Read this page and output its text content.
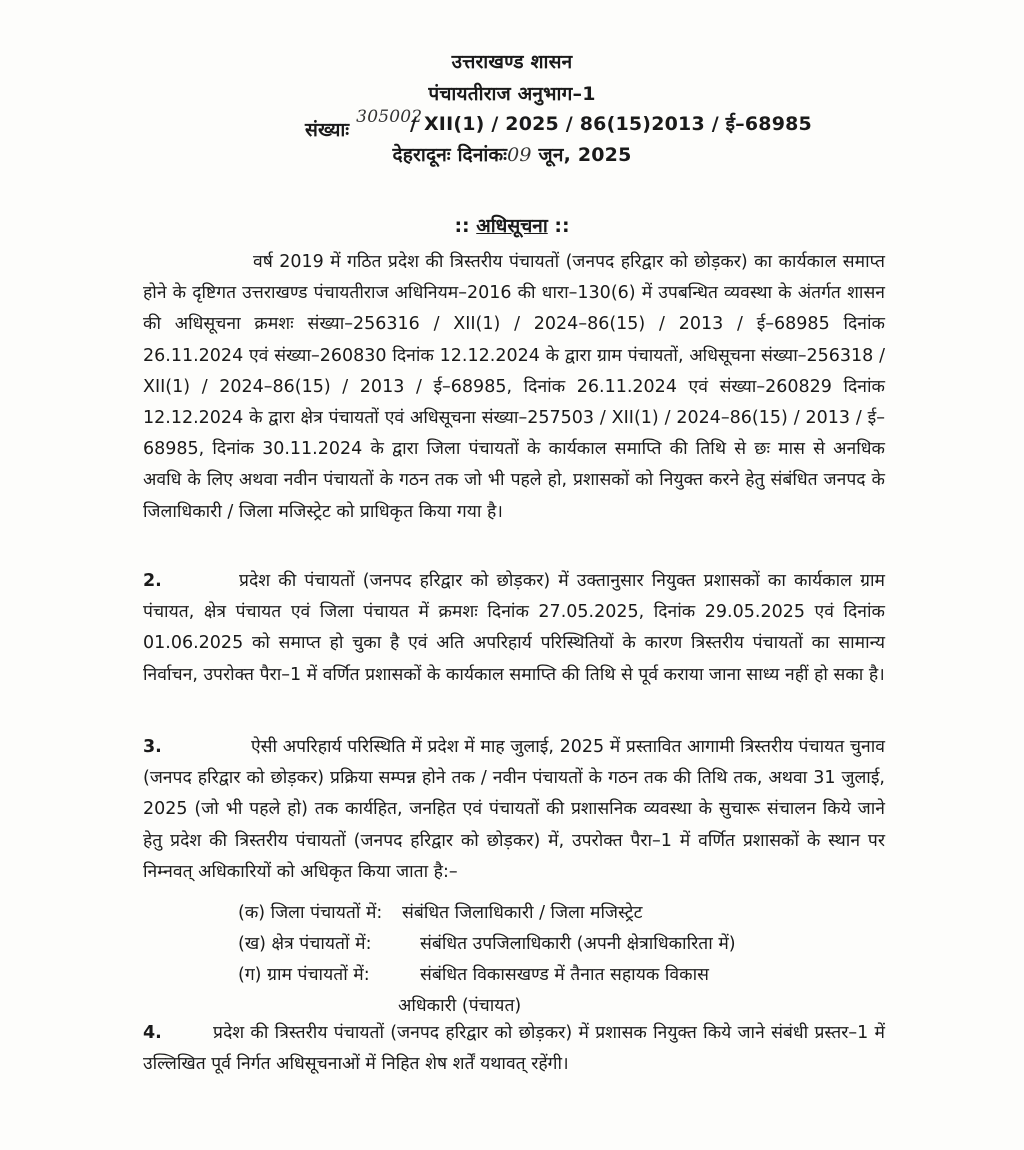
उत्तराखण्ड शासन
पंचायतीराज अनुभाग–1
संख्याः 305002
/ XII(1) / 2025 / 86(15)2013 / ई–68985
देहरादूनः दिनांकः09 जून, 2025
:: अधिसूचना ::

वर्ष 2019 में गठित प्रदेश की त्रिस्तरीय पंचायतों (जनपद हरिद्वार को छोड़कर) का कार्यकाल समाप्त होने के दृष्टिगत उत्तराखण्ड पंचायतीराज अधिनियम–2016 की धारा–130(6) में उपबन्धित व्यवस्था के अंतर्गत शासन की अधिसूचना क्रमशः संख्या–256316 / XII(1) / 2024–86(15) / 2013 / ई–68985 दिनांक 26.11.2024 एवं संख्या–260830 दिनांक 12.12.2024 के द्वारा ग्राम पंचायतों, अधिसूचना संख्या–256318 / XII(1) / 2024–86(15) / 2013 / ई–68985, दिनांक 26.11.2024 एवं संख्या–260829 दिनांक 12.12.2024 के द्वारा क्षेत्र पंचायतों एवं अधिसूचना संख्या–257503 / XII(1) / 2024–86(15) / 2013 / ई–68985, दिनांक 30.11.2024 के द्वारा जिला पंचायतों के कार्यकाल समाप्ति की तिथि से छः मास से अनधिक अवधि के लिए अथवा नवीन पंचायतों के गठन तक जो भी पहले हो, प्रशासकों को नियुक्त करने हेतु संबंधित जनपद के जिलाधिकारी / जिला मजिस्ट्रेट को प्राधिकृत किया गया है।

2.	प्रदेश की पंचायतों (जनपद हरिद्वार को छोड़कर) में उक्तानुसार नियुक्त प्रशासकों का कार्यकाल ग्राम पंचायत, क्षेत्र पंचायत एवं जिला पंचायत में क्रमशः दिनांक 27.05.2025, दिनांक 29.05.2025 एवं दिनांक 01.06.2025 को समाप्त हो चुका है एवं अति अपरिहार्य परिस्थितियों के कारण त्रिस्तरीय पंचायतों का सामान्य निर्वाचन, उपरोक्त पैरा–1 में वर्णित प्रशासकों के कार्यकाल समाप्ति की तिथि से पूर्व कराया जाना साध्य नहीं हो सका है।

3.	ऐसी अपरिहार्य परिस्थिति में प्रदेश में माह जुलाई, 2025 में प्रस्तावित आगामी त्रिस्तरीय पंचायत चुनाव (जनपद हरिद्वार को छोड़कर) प्रक्रिया सम्पन्न होने तक / नवीन पंचायतों के गठन तक की तिथि तक, अथवा 31 जुलाई, 2025 (जो भी पहले हो) तक कार्यहित, जनहित एवं पंचायतों की प्रशासनिक व्यवस्था के सुचारू संचालन किये जाने हेतु प्रदेश की त्रिस्तरीय पंचायतों (जनपद हरिद्वार को छोड़कर) में, उपरोक्त पैरा–1 में वर्णित प्रशासकों के स्थान पर निम्नवत् अधिकारियों को अधिकृत किया जाता है:–

(क) जिला पंचायतों में:	संबंधित जिलाधिकारी / जिला मजिस्ट्रेट
(ख) क्षेत्र पंचायतों में:	संबंधित उपजिलाधिकारी (अपनी क्षेत्राधिकारिता में)
(ग) ग्राम पंचायतों में:	संबंधित विकासखण्ड में तैनात सहायक विकास
अधिकारी (पंचायत)

4.	प्रदेश की त्रिस्तरीय पंचायतों (जनपद हरिद्वार को छोड़कर) में प्रशासक नियुक्त किये जाने संबंधी प्रस्तर–1 में उल्लिखित पूर्व निर्गत अधिसूचनाओं में निहित शेष शर्तें यथावत् रहेंगी।
